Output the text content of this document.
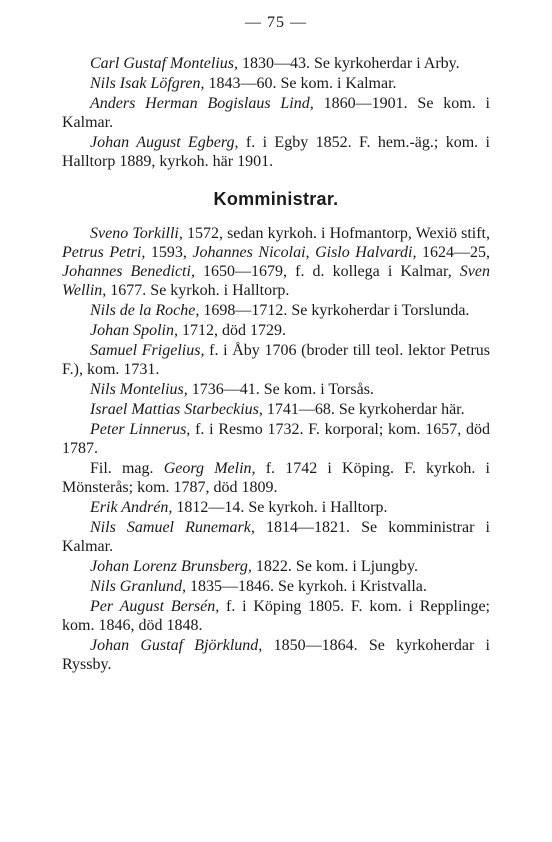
— 75 —

Carl Gustaf Montelius, 1830—43. Se kyrkoherdar i Arby.

Nils Isak Löfgren, 1843—60. Se kom. i Kalmar.

Anders Herman Bogislaus Lind, 1860—1901. Se kom. i Kalmar.

Johan August Egberg, f. i Egby 1852. F. hem.-äg.; kom. i Halltorp 1889, kyrkoh. här 1901.

Komministrar.

Sveno Torkilli, 1572, sedan kyrkoh. i Hofmantorp, Wexiö stift, Petrus Petri, 1593, Johannes Nicolai, Gislo Halvardi, 1624—25, Johannes Benedicti, 1650—1679, f. d. kollega i Kalmar, Sven Wellin, 1677. Se kyrkoh. i Halltorp.

Nils de la Roche, 1698—1712. Se kyrkoherdar i Torslunda.

Johan Spolin, 1712, död 1729.

Samuel Frigelius, f. i Åby 1706 (broder till teol. lektor Petrus F.), kom. 1731.

Nils Montelius, 1736—41. Se kom. i Torsås.

Israel Mattias Starbeckius, 1741—68. Se kyrkoherdar här.

Peter Linnerus, f. i Resmo 1732. F. korporal; kom. 1657, död 1787.

Fil. mag. Georg Melin, f. 1742 i Köping. F. kyrkoh. i Mönsterås; kom. 1787, död 1809.

Erik Andrén, 1812—14. Se kyrkoh. i Halltorp.

Nils Samuel Runemark, 1814—1821. Se komministrar i Kalmar.

Johan Lorenz Brunsberg, 1822. Se kom. i Ljungby.

Nils Granlund, 1835—1846. Se kyrkoh. i Kristvalla.

Per August Bersén, f. i Köping 1805. F. kom. i Repplinge; kom. 1846, död 1848.

Johan Gustaf Björklund, 1850—1864. Se kyrkoherdar i Ryssby.
